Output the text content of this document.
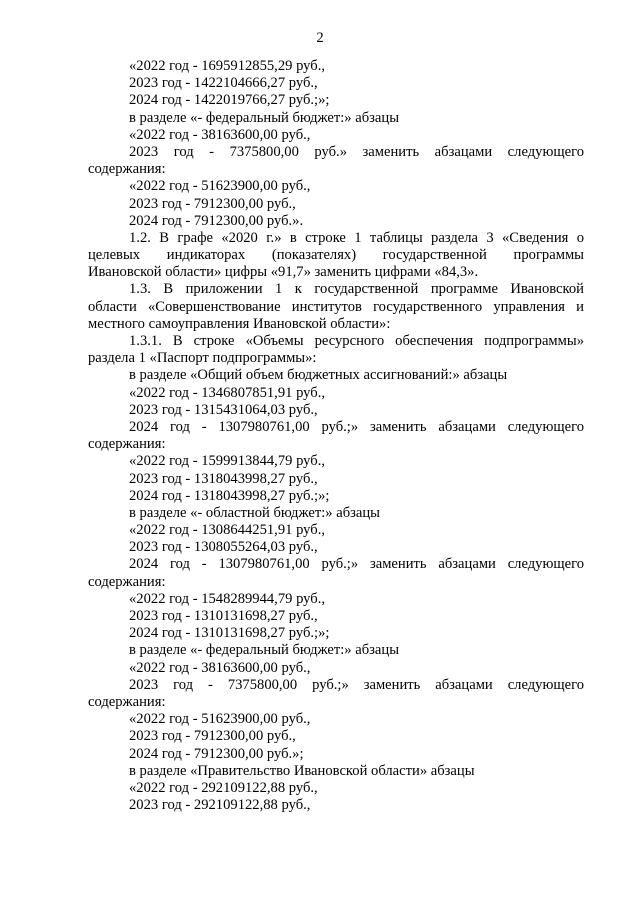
2
«2022 год - 1695912855,29 руб.,
2023 год - 1422104666,27 руб.,
2024 год - 1422019766,27 руб.;»;
в разделе «- федеральный бюджет:» абзацы
«2022 год - 38163600,00 руб.,
2023 год - 7375800,00 руб.» заменить абзацами следующего
содержания:
«2022 год - 51623900,00 руб.,
2023 год - 7912300,00 руб.,
2024 год - 7912300,00 руб.».
1.2. В графе «2020 г.» в строке 1 таблицы раздела 3 «Сведения о
целевых индикаторах (показателях) государственной программы
Ивановской области» цифры «91,7» заменить цифрами «84,3».
1.3. В приложении 1 к государственной программе Ивановской
области «Совершенствование институтов государственного управления и
местного самоуправления Ивановской области»:
1.3.1. В строке «Объемы ресурсного обеспечения подпрограммы»
раздела 1 «Паспорт подпрограммы»:
в разделе «Общий объем бюджетных ассигнований:» абзацы
«2022 год - 1346807851,91 руб.,
2023 год - 1315431064,03 руб.,
2024 год - 1307980761,00 руб.;» заменить абзацами следующего
содержания:
«2022 год - 1599913844,79 руб.,
2023 год - 1318043998,27 руб.,
2024 год - 1318043998,27 руб.;»;
в разделе «- областной бюджет:» абзацы
«2022 год - 1308644251,91 руб.,
2023 год - 1308055264,03 руб.,
2024 год - 1307980761,00 руб.;» заменить абзацами следующего
содержания:
«2022 год - 1548289944,79 руб.,
2023 год - 1310131698,27 руб.,
2024 год - 1310131698,27 руб.;»;
в разделе «- федеральный бюджет:» абзацы
«2022 год - 38163600,00 руб.,
2023 год - 7375800,00 руб.;» заменить абзацами следующего
содержания:
«2022 год - 51623900,00 руб.,
2023 год - 7912300,00 руб.,
2024 год - 7912300,00 руб.»;
в разделе «Правительство Ивановской области» абзацы
«2022 год - 292109122,88 руб.,
2023 год - 292109122,88 руб.,
